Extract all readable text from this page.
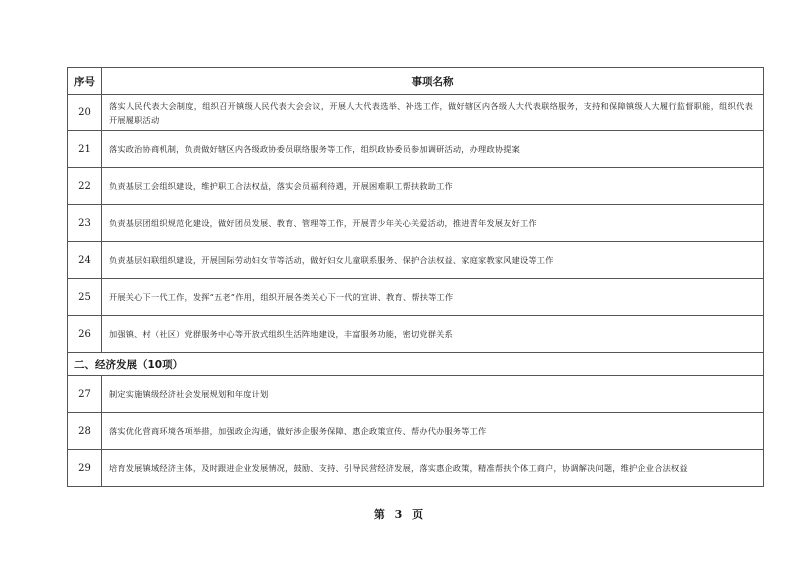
序号	事项名称
20	落实人民代表大会制度，组织召开镇级人民代表大会会议，开展人大代表选举、补选工作，做好辖区内各级人大代表联络服务，支持和保障镇级人大履行监督职能，组织代表开展履职活动
21	落实政治协商机制，负责做好辖区内各级政协委员联络服务等工作，组织政协委员参加调研活动，办理政协提案
22	负责基层工会组织建设，维护职工合法权益，落实会员福利待遇，开展困难职工帮扶救助工作
23	负责基层团组织规范化建设，做好团员发展、教育、管理等工作，开展青少年关心关爱活动，推进青年发展友好工作
24	负责基层妇联组织建设，开展国际劳动妇女节等活动，做好妇女儿童联系服务、保护合法权益、家庭家教家风建设等工作
25	开展关心下一代工作，发挥“五老”作用，组织开展各类关心下一代的宣讲、教育、帮扶等工作
26	加强镇、村（社区）党群服务中心等开放式组织生活阵地建设，丰富服务功能，密切党群关系
二、经济发展（10项）	
27	制定实施镇级经济社会发展规划和年度计划
28	落实优化营商环境各项举措，加强政企沟通，做好涉企服务保障、惠企政策宣传、帮办代办服务等工作
29	培育发展镇域经济主体，及时跟进企业发展情况，鼓励、支持、引导民营经济发展，落实惠企政策，精准帮扶个体工商户，协调解决问题，维护企业合法权益
第 3 页
